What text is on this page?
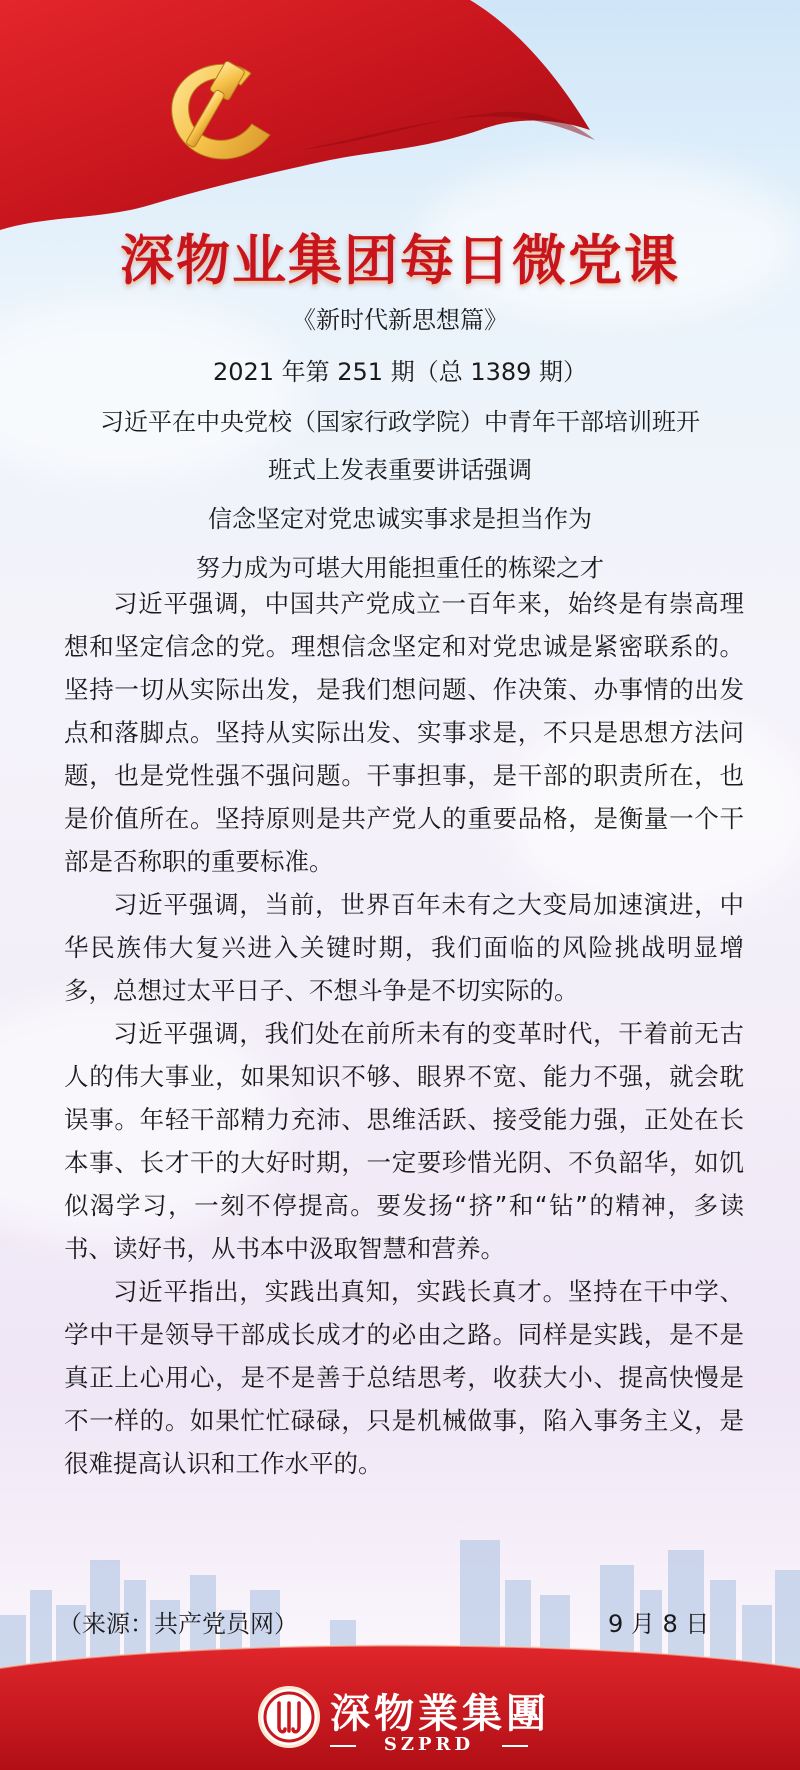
深物业集团每日微党课
《新时代新思想篇》
2021 年第 251 期（总 1389 期）
习近平在中央党校（国家行政学院）中青年干部培训班开
班式上发表重要讲话强调
信念坚定对党忠诚实事求是担当作为
努力成为可堪大用能担重任的栋梁之才

习近平强调，中国共产党成立一百年来，始终是有崇高理想和坚定信念的党。理想信念坚定和对党忠诚是紧密联系的。坚持一切从实际出发，是我们想问题、作决策、办事情的出发点和落脚点。坚持从实际出发、实事求是，不只是思想方法问题，也是党性强不强问题。干事担事，是干部的职责所在，也是价值所在。坚持原则是共产党人的重要品格，是衡量一个干部是否称职的重要标准。

习近平强调，当前，世界百年未有之大变局加速演进，中华民族伟大复兴进入关键时期，我们面临的风险挑战明显增多，总想过太平日子、不想斗争是不切实际的。

习近平强调，我们处在前所未有的变革时代，干着前无古人的伟大事业，如果知识不够、眼界不宽、能力不强，就会耽误事。年轻干部精力充沛、思维活跃、接受能力强，正处在长本事、长才干的大好时期，一定要珍惜光阴、不负韶华，如饥似渴学习，一刻不停提高。要发扬“挤”和“钻”的精神，多读书、读好书，从书本中汲取智慧和营养。

习近平指出，实践出真知，实践长真才。坚持在干中学、学中干是领导干部成长成才的必由之路。同样是实践，是不是真正上心用心，是不是善于总结思考，收获大小、提高快慢是不一样的。如果忙忙碌碌，只是机械做事，陷入事务主义，是很难提高认识和工作水平的。

（来源：共产党员网）	9 月 8 日
深物業集團
SZPRD
